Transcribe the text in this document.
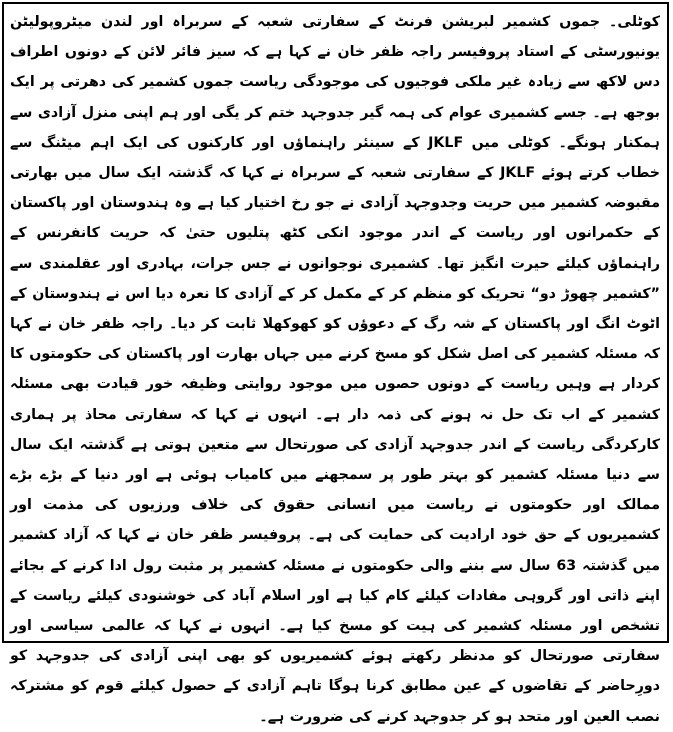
کوٹلی۔ جموں کشمیر لبریشن فرنٹ کے سفارتی شعبہ کے سربراہ اور لندن میٹروپولیٹن یونیورسٹی کے استاد پروفیسر راجہ ظفر خان نے کہا ہے کہ سیز فائر لائن کے دونوں اطراف دس لاکھ سے زیادہ غیر ملکی فوجیوں کی موجودگی ریاست جموں کشمیر کی دھرتی پر ایک بوجھ ہے۔ جسے کشمیری عوام کی ہمہ گیر جدوجہد ختم کر یگی اور ہم اپنی منزل آزادی سے ہمکنار ہونگے۔ کوٹلی میں JKLF کے سینئر راہنماؤں اور کارکنوں کی ایک اہم میٹنگ سے خطاب کرتے ہوئے JKLF کے سفارتی شعبہ کے سربراہ نے کہا کہ گذشتہ ایک سال میں بھارتی مقبوضہ کشمیر میں حریت وجدوجہد آزادی نے جو رخ اختیار کیا ہے وہ ہندوستان اور پاکستان کے حکمرانوں اور ریاست کے اندر موجود انکی کٹھ پتلیوں حتیٰ کہ حریت کانفرنس کے راہنماؤں کیلئے حیرت انگیز تھا۔ کشمیری نوجوانوں نے جس جرات، بہادری اور عقلمندی سے ”کشمیر چھوڑ دو“ تحریک کو منظم کر کے مکمل کر کے آزادی کا نعرہ دیا اس نے ہندوستان کے اٹوٹ انگ اور پاکستان کے شہ رگ کے دعوؤں کو کھوکھلا ثابت کر دیا۔ راجہ ظفر خان نے کہا کہ مسئلہ کشمیر کی اصل شکل کو مسخ کرنے میں جہاں بھارت اور پاکستان کی حکومتوں کا کردار ہے وہیں ریاست کے دونوں حصوں میں موجود روایتی وظیفہ خور قیادت بھی مسئلہ کشمیر کے اب تک حل نہ ہونے کی ذمہ دار ہے۔ انہوں نے کہا کہ سفارتی محاذ پر ہماری کارکردگی ریاست کے اندر جدوجہد آزادی کی صورتحال سے متعین ہوتی ہے گذشتہ ایک سال سے دنیا مسئلہ کشمیر کو بہتر طور پر سمجھنے میں کامیاب ہوئی ہے اور دنیا کے بڑے بڑے ممالک اور حکومتوں نے ریاست میں انسانی حقوق کی خلاف ورزیوں کی مذمت اور کشمیریوں کے حق خود ارادیت کی حمایت کی ہے۔ پروفیسر ظفر خان نے کہا کہ آزاد کشمیر میں گذشتہ 63 سال سے بننے والی حکومتوں نے مسئلہ کشمیر پر مثبت رول ادا کرنے کے بجائے اپنے ذاتی اور گروہی مفادات کیلئے کام کیا ہے اور اسلام آباد کی خوشنودی کیلئے ریاست کے تشخص اور مسئلہ کشمیر کی ہیت کو مسخ کیا ہے۔ انہوں نے کہا کہ عالمی سیاسی اور سفارتی صورتحال کو مدنظر رکھتے ہوئے کشمیریوں کو بھی اپنی آزادی کی جدوجہد کو دورِحاضر کے تقاضوں کے عین مطابق کرنا ہوگا تاہم آزادی کے حصول کیلئے قوم کو مشترکہ نصب العین اور متحد ہو کر جدوجہد کرنے کی ضرورت ہے۔
